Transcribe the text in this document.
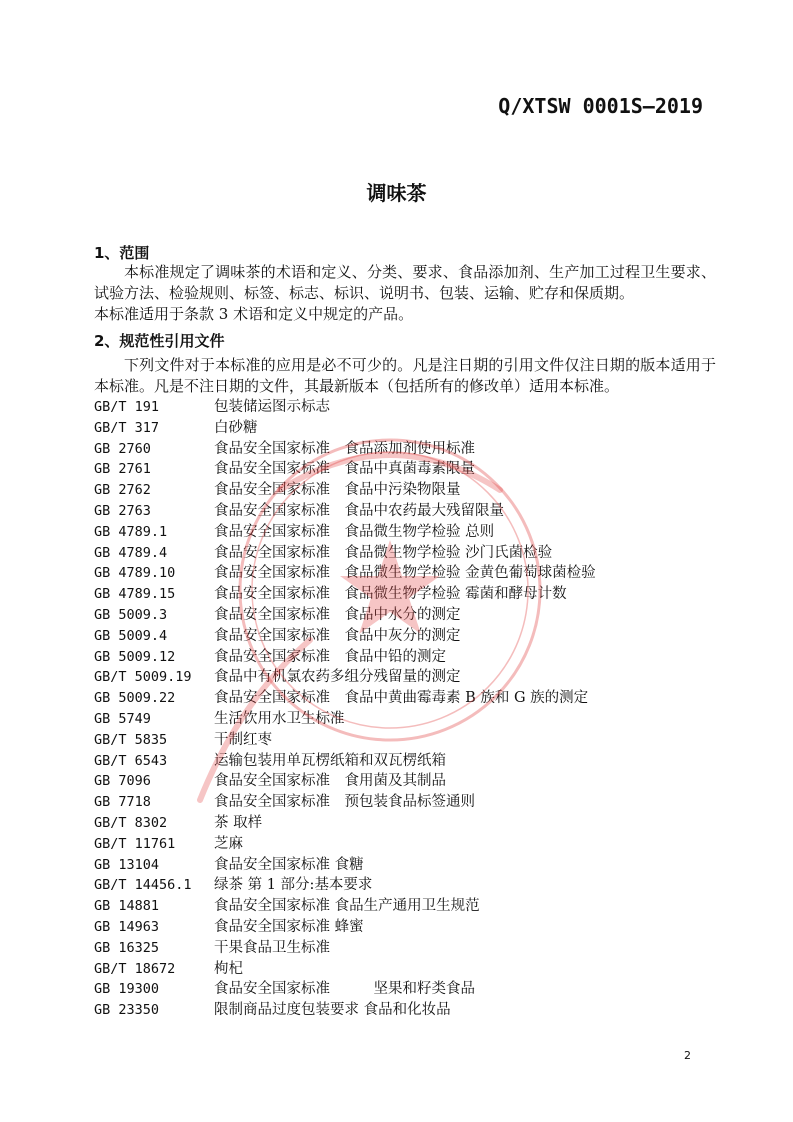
Q/XTSW 0001S—2019
调味茶
1、范围
本标准规定了调味茶的术语和定义、分类、要求、食品添加剂、生产加工过程卫生要求、试验方法、检验规则、标签、标志、标识、说明书、包装、运输、贮存和保质期。
本标准适用于条款 3 术语和定义中规定的产品。
2、规范性引用文件
下列文件对于本标准的应用是必不可少的。凡是注日期的引用文件仅注日期的版本适用于本标准。凡是不注日期的文件，其最新版本（包括所有的修改单）适用本标准。
GB/T 191	包装储运图示标志
GB/T 317	白砂糖
GB 2760	食品安全国家标准　食品添加剂使用标准
GB 2761	食品安全国家标准　食品中真菌毒素限量
GB 2762	食品安全国家标准　食品中污染物限量
GB 2763	食品安全国家标准　食品中农药最大残留限量
GB 4789.1	食品安全国家标准　食品微生物学检验 总则
GB 4789.4	食品安全国家标准　食品微生物学检验 沙门氏菌检验
GB 4789.10	食品安全国家标准　食品微生物学检验 金黄色葡萄球菌检验
GB 4789.15	食品安全国家标准　食品微生物学检验 霉菌和酵母计数
GB 5009.3	食品安全国家标准　食品中水分的测定
GB 5009.4	食品安全国家标准　食品中灰分的测定
GB 5009.12	食品安全国家标准　食品中铅的测定
GB/T 5009.19 食品中有机氯农药多组分残留量的测定
GB 5009.22	食品安全国家标准　食品中黄曲霉毒素 B 族和 G 族的测定
GB 5749	生活饮用水卫生标准
GB/T 5835	干制红枣
GB/T 6543	运输包装用单瓦楞纸箱和双瓦楞纸箱
GB 7096	食品安全国家标准　食用菌及其制品
GB 7718	食品安全国家标准　预包装食品标签通则
GB/T 8302	茶 取样
GB/T 11761	芝麻
GB 13104	食品安全国家标准 食糖
GB/T 14456.1 绿茶 第 1 部分:基本要求
GB 14881	食品安全国家标准 食品生产通用卫生规范
GB 14963	食品安全国家标准 蜂蜜
GB 16325	干果食品卫生标准
GB/T 18672	枸杞
GB 19300	食品安全国家标准　　　坚果和籽类食品
GB 23350	限制商品过度包装要求 食品和化妆品
2
